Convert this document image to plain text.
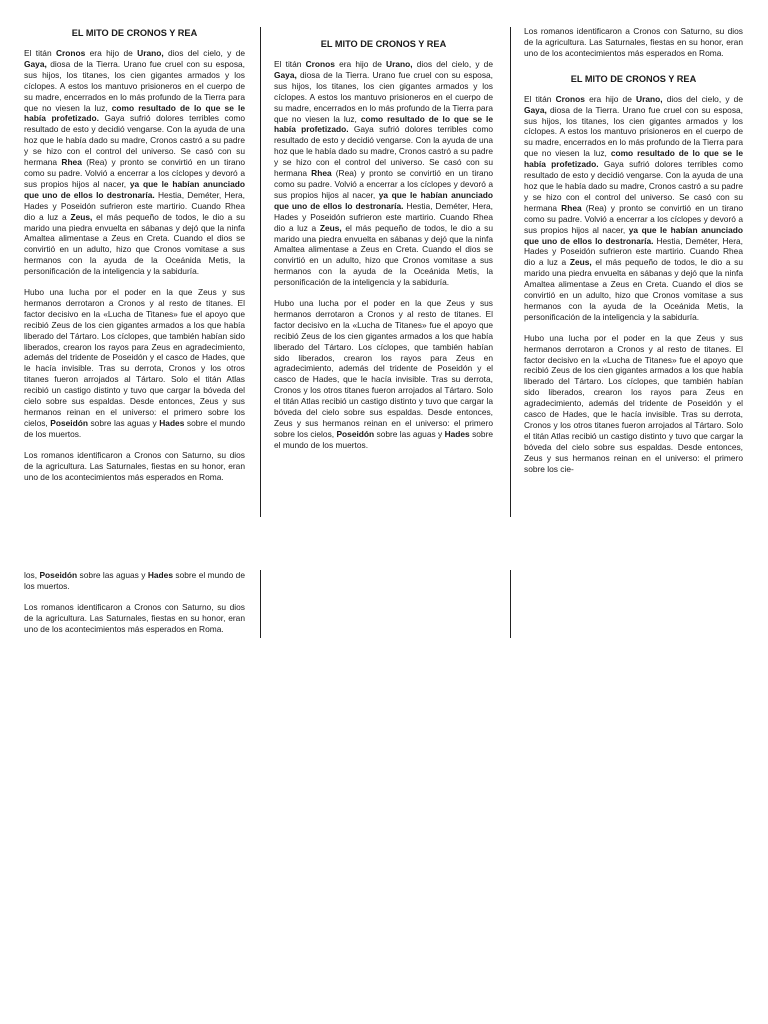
EL MITO DE CRONOS Y REA

El titán Cronos era hijo de Urano, dios del cielo, y de Gaya, diosa de la Tierra. Urano fue cruel con su esposa, sus hijos, los titanes, los cien gigantes armados y los cíclopes. A estos los mantuvo prisioneros en el cuerpo de su madre, encerrados en lo más profundo de la Tierra para que no viesen la luz, como resultado de lo que se le había profetizado. Gaya sufrió dolores terribles como resultado de esto y decidió vengarse. Con la ayuda de una hoz que le había dado su madre, Cronos castró a su padre y se hizo con el control del universo. Se casó con su hermana Rhea (Rea) y pronto se convirtió en un tirano como su padre. Volvió a encerrar a los cíclopes y devoró a sus propios hijos al nacer, ya que le habían anunciado que uno de ellos lo destronaría. Hestia, Deméter, Hera, Hades y Poseidón sufrieron este martirio. Cuando Rhea dio a luz a Zeus, el más pequeño de todos, le dio a su marido una piedra envuelta en sábanas y dejó que la ninfa Amaltea alimentase a Zeus en Creta. Cuando el dios se convirtió en un adulto, hizo que Cronos vomitase a sus hermanos con la ayuda de la Oceánida Metis, la personificación de la inteligencia y la sabiduría.

Hubo una lucha por el poder en la que Zeus y sus hermanos derrotaron a Cronos y al resto de titanes. El factor decisivo en la «Lucha de Titanes» fue el apoyo que recibió Zeus de los cien gigantes armados a los que había liberado del Tártaro. Los cíclopes, que también habían sido liberados, crearon los rayos para Zeus en agradecimiento, además del tridente de Poseidón y el casco de Hades, que le hacía invisible. Tras su derrota, Cronos y los otros titanes fueron arrojados al Tártaro. Solo el titán Atlas recibió un castigo distinto y tuvo que cargar la bóveda del cielo sobre sus espaldas. Desde entonces, Zeus y sus hermanos reinan en el universo: el primero sobre los cielos, Poseidón sobre las aguas y Hades sobre el mundo de los muertos.

Los romanos identificaron a Cronos con Saturno, su dios de la agricultura. Las Saturnales, fiestas en su honor, eran uno de los acontecimientos más esperados en Roma.

EL MITO DE CRONOS Y REA

El titán Cronos era hijo de Urano, dios del cielo, y de Gaya, diosa de la Tierra. Urano fue cruel con su esposa, sus hijos, los titanes, los cien gigantes armados y los cíclopes. A estos los mantuvo prisioneros en el cuerpo de su madre, encerrados en lo más profundo de la Tierra para que no viesen la luz, como resultado de lo que se le había profetizado. Gaya sufrió dolores terribles como resultado de esto y decidió vengarse. Con la ayuda de una hoz que le había dado su madre, Cronos castró a su padre y se hizo con el control del universo. Se casó con su hermana Rhea (Rea) y pronto se convirtió en un tirano como su padre. Volvió a encerrar a los cíclopes y devoró a sus propios hijos al nacer, ya que le habían anunciado que uno de ellos lo destronaría. Hestia, Deméter, Hera, Hades y Poseidón sufrieron este martirio. Cuando Rhea dio a luz a Zeus, el más pequeño de todos, le dio a su marido una piedra envuelta en sábanas y dejó que la ninfa Amaltea alimentase a Zeus en Creta. Cuando el dios se convirtió en un adulto, hizo que Cronos vomitase a sus hermanos con la ayuda de la Oceánida Metis, la personificación de la inteligencia y la sabiduría.

Hubo una lucha por el poder en la que Zeus y sus hermanos derrotaron a Cronos y al resto de titanes. El factor decisivo en la «Lucha de Titanes» fue el apoyo que recibió Zeus de los cien gigantes armados a los que había liberado del Tártaro. Los cíclopes, que también habían sido liberados, crearon los rayos para Zeus en agradecimiento, además del tridente de Poseidón y el casco de Hades, que le hacía invisible. Tras su derrota, Cronos y los otros titanes fueron arrojados al Tártaro. Solo el titán Atlas recibió un castigo distinto y tuvo que cargar la bóveda del cielo sobre sus espaldas. Desde entonces, Zeus y sus hermanos reinan en el universo: el primero sobre los cielos, Poseidón sobre las aguas y Hades sobre el mundo de los muertos.

Los romanos identificaron a Cronos con Saturno, su dios de la agricultura. Las Saturnales, fiestas en su honor, eran uno de los acontecimientos más esperados en Roma.

EL MITO DE CRONOS Y REA

El titán Cronos era hijo de Urano, dios del cielo, y de Gaya, diosa de la Tierra. Urano fue cruel con su esposa, sus hijos, los titanes, los cien gigantes armados y los cíclopes. A estos los mantuvo prisioneros en el cuerpo de su madre, encerrados en lo más profundo de la Tierra para que no viesen la luz, como resultado de lo que se le había profetizado. Gaya sufrió dolores terribles como resultado de esto y decidió vengarse. Con la ayuda de una hoz que le había dado su madre, Cronos castró a su padre y se hizo con el control del universo. Se casó con su hermana Rhea (Rea) y pronto se convirtió en un tirano como su padre. Volvió a encerrar a los cíclopes y devoró a sus propios hijos al nacer, ya que le habían anunciado que uno de ellos lo destronaría. Hestia, Deméter, Hera, Hades y Poseidón sufrieron este martirio. Cuando Rhea dio a luz a Zeus, el más pequeño de todos, le dio a su marido una piedra envuelta en sábanas y dejó que la ninfa Amaltea alimentase a Zeus en Creta. Cuando el dios se convirtió en un adulto, hizo que Cronos vomitase a sus hermanos con la ayuda de la Oceánida Metis, la personificación de la inteligencia y la sabiduría.

Hubo una lucha por el poder en la que Zeus y sus hermanos derrotaron a Cronos y al resto de titanes. El factor decisivo en la «Lucha de Titanes» fue el apoyo que recibió Zeus de los cien gigantes armados a los que había liberado del Tártaro. Los cíclopes, que también habían sido liberados, crearon los rayos para Zeus en agradecimiento, además del tridente de Poseidón y el casco de Hades, que le hacía invisible. Tras su derrota, Cronos y los otros titanes fueron arrojados al Tártaro. Solo el titán Atlas recibió un castigo distinto y tuvo que cargar la bóveda del cielo sobre sus espaldas. Desde entonces, Zeus y sus hermanos reinan en el universo: el primero sobre los cie-

los, Poseidón sobre las aguas y Hades sobre el mundo de los muertos.

Los romanos identificaron a Cronos con Saturno, su dios de la agricultura. Las Saturnales, fiestas en su honor, eran uno de los acontecimientos más esperados en Roma.
